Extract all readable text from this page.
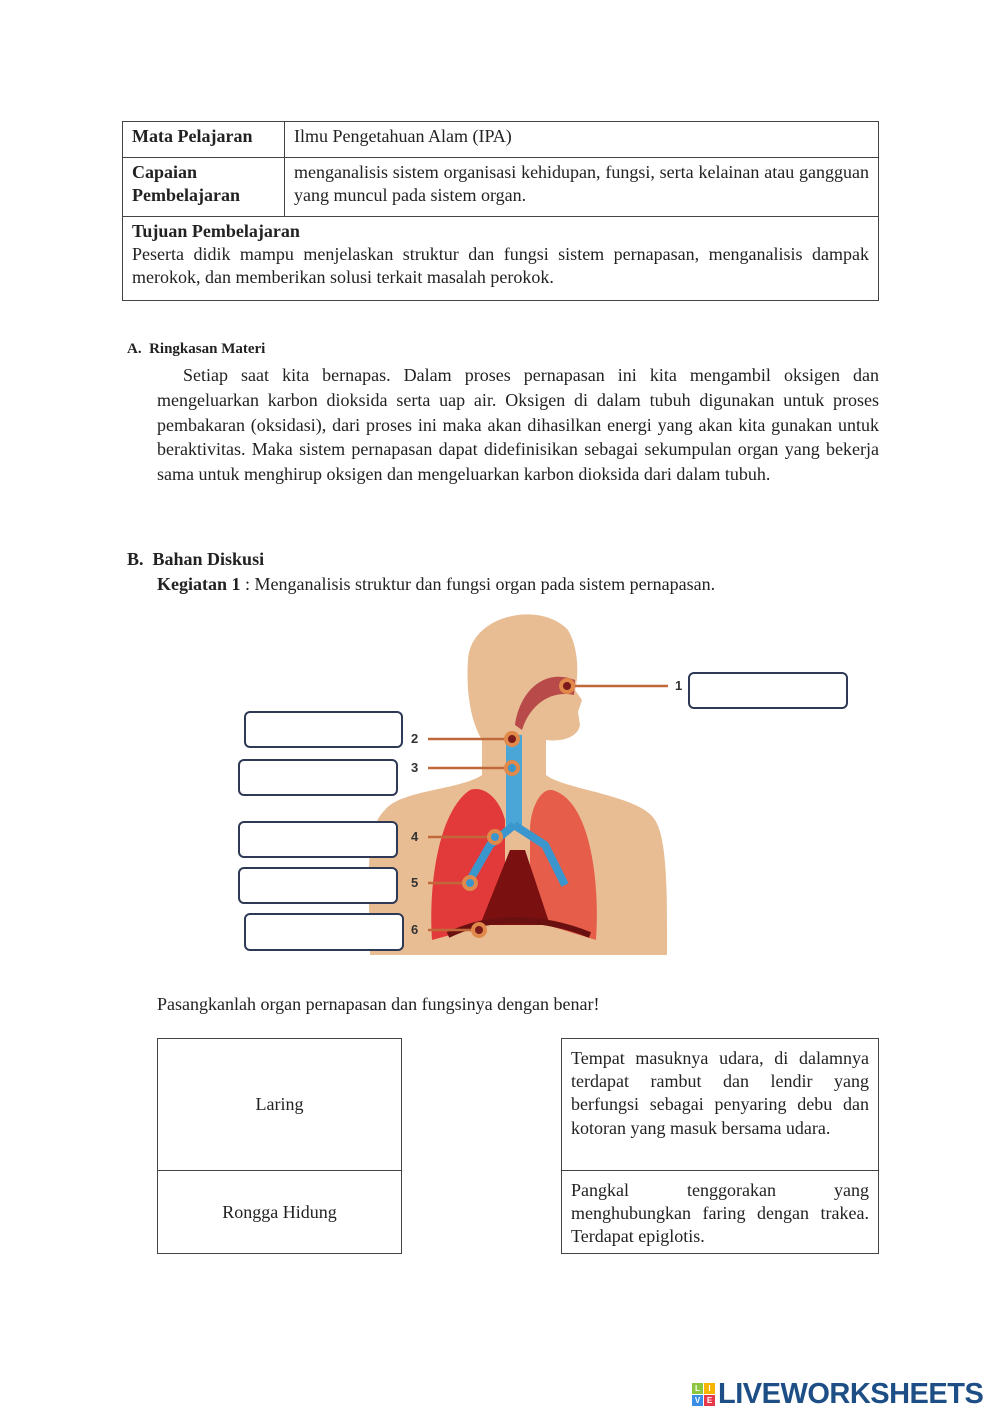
Mata Pelajaran	Ilmu Pengetahuan Alam (IPA)
Capaian Pembelajaran
menganalisis sistem organisasi kehidupan, fungsi, serta kelainan atau gangguan yang muncul pada sistem organ.
Tujuan Pembelajaran
Peserta didik mampu menjelaskan struktur dan fungsi sistem pernapasan, menganalisis dampak merokok, dan memberikan solusi terkait masalah perokok.
A. Ringkasan Materi
Setiap saat kita bernapas. Dalam proses pernapasan ini kita mengambil oksigen dan mengeluarkan karbon dioksida serta uap air. Oksigen di dalam tubuh digunakan untuk proses pembakaran (oksidasi), dari proses ini maka akan dihasilkan energi yang akan kita gunakan untuk beraktivitas. Maka sistem pernapasan dapat didefinisikan sebagai sekumpulan organ yang bekerja sama untuk menghirup oksigen dan mengeluarkan karbon dioksida dari dalam tubuh.
B. Bahan Diskusi
Kegiatan 1 : Menganalisis struktur dan fungsi organ pada sistem pernapasan.
1
2
3
4
5
6
Pasangkanlah organ pernapasan dan fungsinya dengan benar!
Laring
Rongga Hidung
Tempat masuknya udara, di dalamnya terdapat rambut dan lendir yang berfungsi sebagai penyaring debu dan kotoran yang masuk bersama udara.
Pangkal tenggorakan yang menghubungkan faring dengan trakea. Terdapat epiglotis.
L	I
V E LIVEWORKSHEETS
